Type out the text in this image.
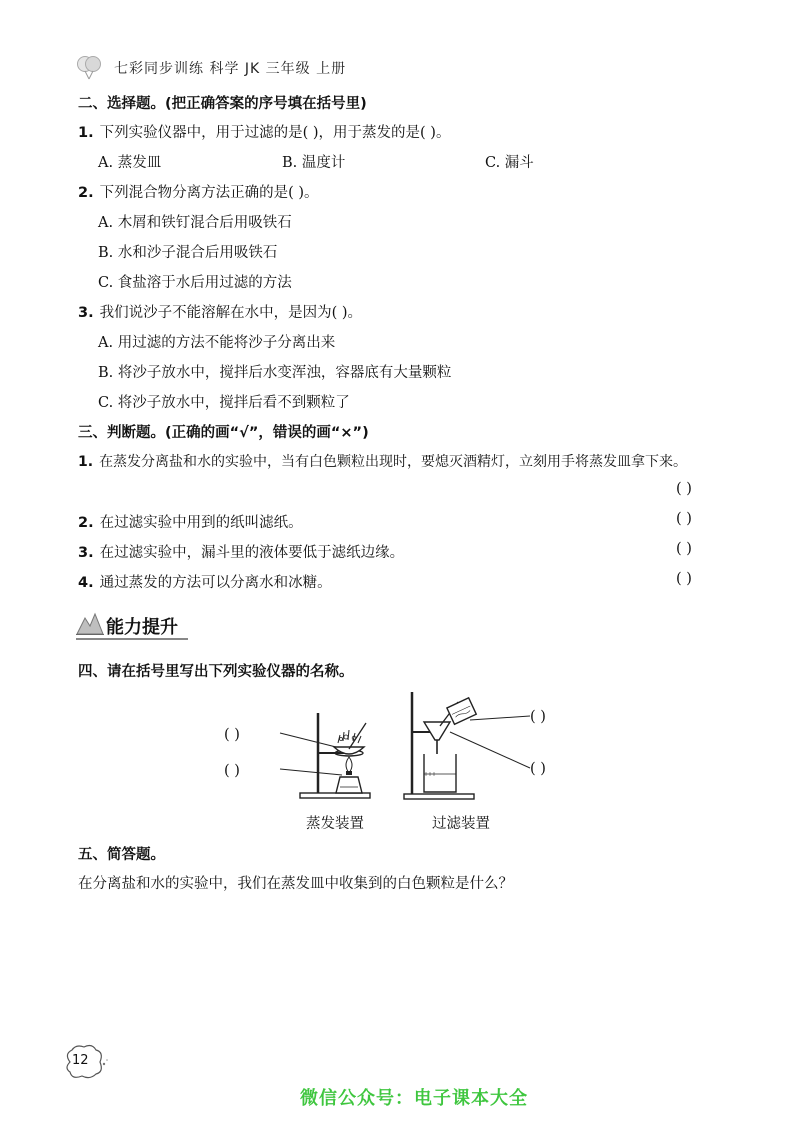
七彩同步训练 科学 JK 三年级 上册
二、选择题。(把正确答案的序号填在括号里)
1. 下列实验仪器中，用于过滤的是( )，用于蒸发的是( )。
A. 蒸发皿	B. 温度计	C. 漏斗
2. 下列混合物分离方法正确的是( )。
A. 木屑和铁钉混合后用吸铁石
B. 水和沙子混合后用吸铁石
C. 食盐溶于水后用过滤的方法
3. 我们说沙子不能溶解在水中，是因为( )。
A. 用过滤的方法不能将沙子分离出来
B. 将沙子放水中，搅拌后水变浑浊，容器底有大量颗粒
C. 将沙子放水中，搅拌后看不到颗粒了
三、判断题。(正确的画“√”，错误的画“×”)
1. 在蒸发分离盐和水的实验中，当有白色颗粒出现时，要熄灭酒精灯，立刻用手将蒸发皿拿下来。
( )
2. 在过滤实验中用到的纸叫滤纸。	( )
3. 在过滤实验中，漏斗里的液体要低于滤纸边缘。	( )
4. 通过蒸发的方法可以分离水和冰糖。	( )
能力提升
四、请在括号里写出下列实验仪器的名称。
( )
( )
( )
( )
蒸发装置	过滤装置
五、简答题。
在分离盐和水的实验中，我们在蒸发皿中收集到的白色颗粒是什么？
12
微信公众号：电子课本大全
